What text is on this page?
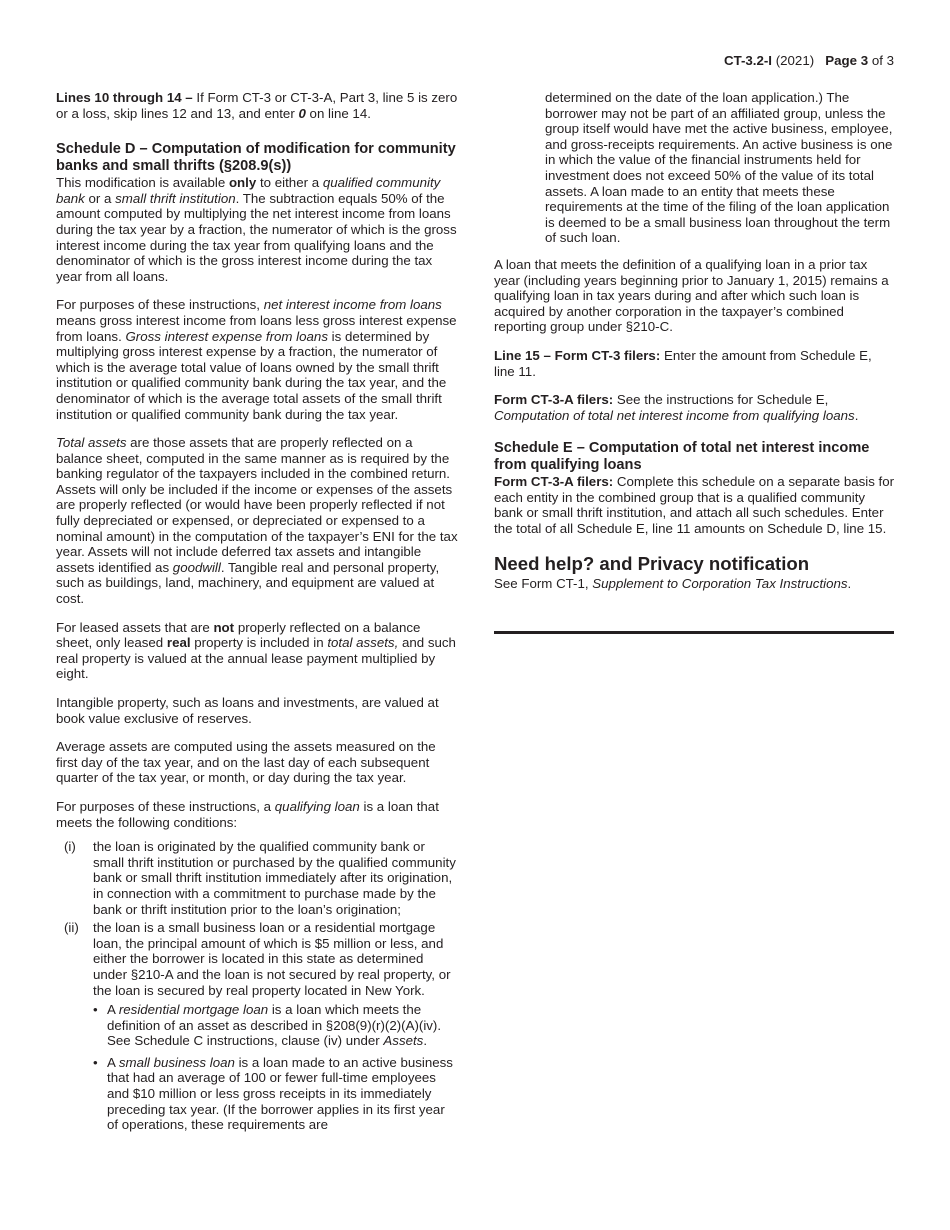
CT-3.2-I (2021) Page 3 of 3

Lines 10 through 14 – If Form CT-3 or CT-3-A, Part 3, line 5 is zero or a loss, skip lines 12 and 13, and enter 0 on line 14.

Schedule D – Computation of modification for community banks and small thrifts (§208.9(s))

This modification is available only to either a qualified community bank or a small thrift institution. The subtraction equals 50% of the amount computed by multiplying the net interest income from loans during the tax year by a fraction, the numerator of which is the gross interest income during the tax year from qualifying loans and the denominator of which is the gross interest income during the tax year from all loans.

For purposes of these instructions, net interest income from loans means gross interest income from loans less gross interest expense from loans. Gross interest expense from loans is determined by multiplying gross interest expense by a fraction, the numerator of which is the average total value of loans owned by the small thrift institution or qualified community bank during the tax year, and the denominator of which is the average total assets of the small thrift institution or qualified community bank during the tax year.

Total assets are those assets that are properly reflected on a balance sheet, computed in the same manner as is required by the banking regulator of the taxpayers included in the combined return. Assets will only be included if the income or expenses of the assets are properly reflected (or would have been properly reflected if not fully depreciated or expensed, or depreciated or expensed to a nominal amount) in the computation of the taxpayer’s ENI for the tax year. Assets will not include deferred tax assets and intangible assets identified as goodwill. Tangible real and personal property, such as buildings, land, machinery, and equipment are valued at cost.

For leased assets that are not properly reflected on a balance sheet, only leased real property is included in total assets, and such real property is valued at the annual lease payment multiplied by eight.

Intangible property, such as loans and investments, are valued at book value exclusive of reserves.

Average assets are computed using the assets measured on the first day of the tax year, and on the last day of each subsequent quarter of the tax year, or month, or day during the tax year.

For purposes of these instructions, a qualifying loan is a loan that meets the following conditions:

(i)	the loan is originated by the qualified community bank or small thrift institution or purchased by the qualified community bank or small thrift institution immediately after its origination, in connection with a commitment to purchase made by the bank or thrift institution prior to the loan’s origination;
(ii)	the loan is a small business loan or a residential mortgage loan, the principal amount of which is $5 million or less, and either the borrower is located in this state as determined under §210-A and the loan is not secured by real property, or the loan is secured by real property located in New York.
• A residential mortgage loan is a loan which meets the definition of an asset as described in §208(9)(r)(2)(A)(iv). See Schedule C instructions, clause (iv) under Assets.
• A small business loan is a loan made to an active business that had an average of 100 or fewer full-time employees and $10 million or less gross receipts in its immediately preceding tax year. (If the borrower applies in its first year of operations, these requirements are

determined on the date of the loan application.) The borrower may not be part of an affiliated group, unless the group itself would have met the active business, employee, and gross-receipts requirements. An active business is one in which the value of the financial instruments held for investment does not exceed 50% of the value of its total assets. A loan made to an entity that meets these requirements at the time of the filing of the loan application is deemed to be a small business loan throughout the term of such loan.

A loan that meets the definition of a qualifying loan in a prior tax year (including years beginning prior to January 1, 2015) remains a qualifying loan in tax years during and after which such loan is acquired by another corporation in the taxpayer’s combined reporting group under §210-C.

Line 15 – Form CT-3 filers: Enter the amount from Schedule E, line 11.

Form CT-3-A filers: See the instructions for Schedule E, Computation of total net interest income from qualifying loans.

Schedule E – Computation of total net interest income from qualifying loans

Form CT-3-A filers: Complete this schedule on a separate basis for each entity in the combined group that is a qualified community bank or small thrift institution, and attach all such schedules. Enter the total of all Schedule E, line 11 amounts on Schedule D, line 15.

Need help? and Privacy notification

See Form CT-1, Supplement to Corporation Tax Instructions.
